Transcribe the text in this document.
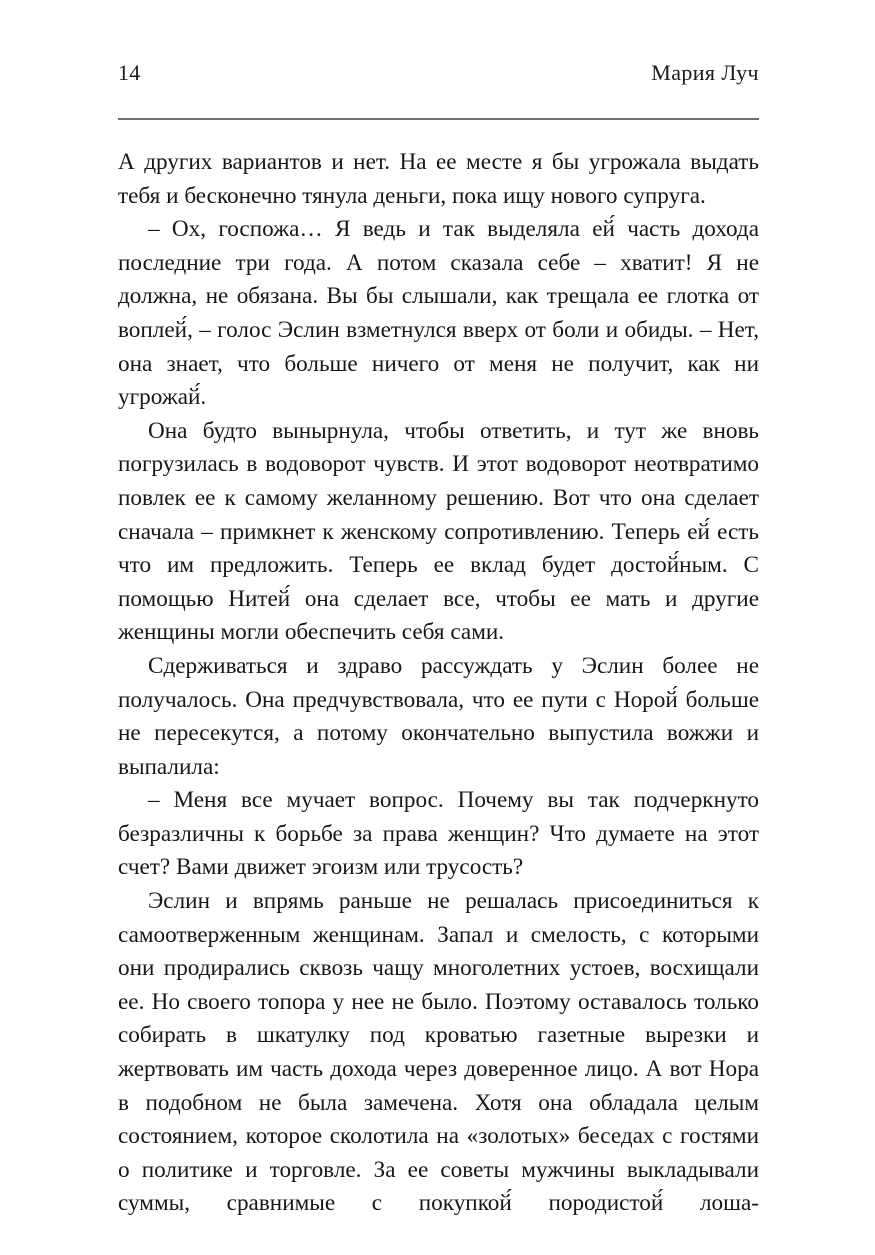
14	Мария Луч

А других вариантов и нет. На ее месте я бы угрожала выдать тебя и бесконечно тянула деньги, пока ищу нового супруга.

– Ох, госпожа… Я ведь и так выделяла ей́ часть дохода последние три года. А потом сказала себе – хватит! Я не должна, не обязана. Вы бы слышали, как трещала ее глотка от воплей́, – голос Эслин взметнулся вверх от боли и обиды. – Нет, она знает, что больше ничего от меня не получит, как ни угрожай́.

Она будто вынырнула, чтобы ответить, и тут же вновь погрузилась в водоворот чувств. И этот водоворот неотвратимо повлек ее к самому желанному решению. Вот что она сделает сначала – примкнет к женскому сопротивлению. Теперь ей́ есть что им предложить. Теперь ее вклад будет достой́ным. С помощью Нитей́ она сделает все, чтобы ее мать и другие женщины могли обеспечить себя сами.

Сдерживаться и здраво рассуждать у Эслин более не получалось. Она предчувствовала, что ее пути с Норой́ больше не пересекутся, а потому окончательно выпустила вожжи и выпалила:

– Меня все мучает вопрос. Почему вы так подчеркнуто безразличны к борьбе за права женщин? Что думаете на этот счет? Вами движет эгоизм или трусость?

Эслин и впрямь раньше не решалась присоединиться к самоотверженным женщинам. Запал и смелость, с которыми они продирались сквозь чащу многолетних устоев, восхищали ее. Но своего топора у нее не было. Поэтому оставалось только собирать в шкатулку под кроватью газетные вырезки и жертвовать им часть дохода через доверенное лицо. А вот Нора в подобном не была замечена. Хотя она обладала целым состоянием, которое сколотила на «золотых» беседах с гостями о политике и торговле. За ее советы мужчины выкладывали суммы, сравнимые с покупкой́ породистой́ лоша-
